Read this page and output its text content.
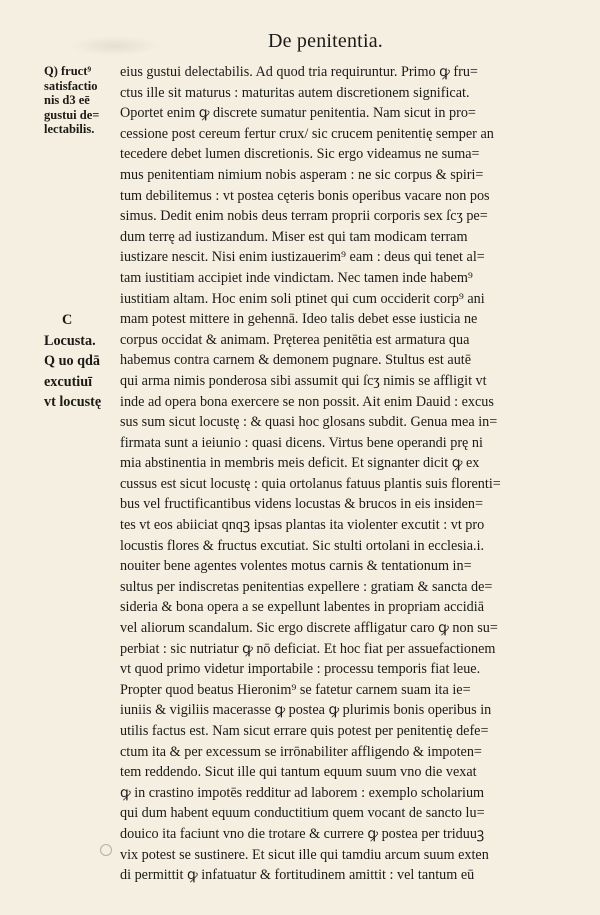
De penitentia.
Q) fruct⁹
satisfactio
nis d3 eē
gustui de=
lectabilis.
C
Locusta.
Q uo qdā
excutiuī
vt locustę
eius gustui delectabilis. Ad quod tria requiruntur. Primo ꝙ fru=
ctus ille sit maturus : maturitas autem discretionem significat.
Oportet enim ꝙ discrete sumatur penitentia. Nam sicut in pro=
cessione post cereum fertur crux/ sic crucem penitentię semper an
tecedere debet lumen discretionis. Sic ergo videamus ne suma=
mus penitentiam nimium nobis asperam : ne sic corpus & spiri=
tum debilitemus : vt postea cęteris bonis operibus vacare non pos
simus. Dedit enim nobis deus terram proprii corporis sex ſcʒ pe=
dum terrę ad iustizandum. Miser est qui tam modicam terram
iustizare nescit. Nisi enim iustizauerim⁹ eam : deus qui tenet al=
tam iustitiam accipiet inde vindictam. Nec tamen inde habem⁹
iustitiam altam. Hoc enim soli ptinet qui cum occiderit corp⁹ ani
mam potest mittere in gehennā. Ideo talis debet esse iusticia ne
corpus occidat & animam. Pręterea penitētia est armatura qua
habemus contra carnem & demonem pugnare. Stultus est autē
qui arma nimis ponderosa sibi assumit qui ſcʒ nimis se affligit vt
inde ad opera bona exercere se non possit. Ait enim Dauid : excus
sus sum sicut locustę : & quasi hoc glosans subdit. Genua mea in=
firmata sunt a ieiunio : quasi dicens. Virtus bene operandi prę ni
mia abstinentia in membris meis deficit. Et signanter dicit ꝙ ex
cussus est sicut locustę : quia ortolanus fatuus plantis suis florenti=
bus vel fructificantibus videns locustas & brucos in eis insiden=
tes vt eos abiiciat qnqꝫ ipsas plantas ita violenter excutit : vt pro
locustis flores & fructus excutiat. Sic stulti ortolani in ecclesia.i.
nouiter bene agentes volentes motus carnis & tentationum in=
sultus per indiscretas penitentias expellere : gratiam & sancta de=
sideria & bona opera a se expellunt labentes in propriam accidiā
vel aliorum scandalum. Sic ergo discrete affligatur caro ꝙ non su=
perbiat : sic nutriatur ꝙ nō deficiat. Et hoc fiat per assuefactionem
vt quod primo videtur importabile : processu temporis fiat leue.
Propter quod beatus Hieronim⁹ se fatetur carnem suam ita ie=
iuniis & vigiliis macerasse ꝙ postea ꝙ plurimis bonis operibus in
utilis factus est. Nam sicut errare quis potest per penitentię defe=
ctum ita & per excessum se irrōnabiliter affligendo & impoten=
tem reddendo. Sicut ille qui tantum equum suum vno die vexat
ꝙ in crastino impotēs redditur ad laborem : exemplo scholarium
qui dum habent equum conductitium quem vocant de sancto lu=
douico ita faciunt vno die trotare & currere ꝙ postea per triduuꝫ
vix potest se sustinere. Et sicut ille qui tamdiu arcum suum exten
di permittit ꝙ infatuatur & fortitudinem amittit : vel tantum eū
